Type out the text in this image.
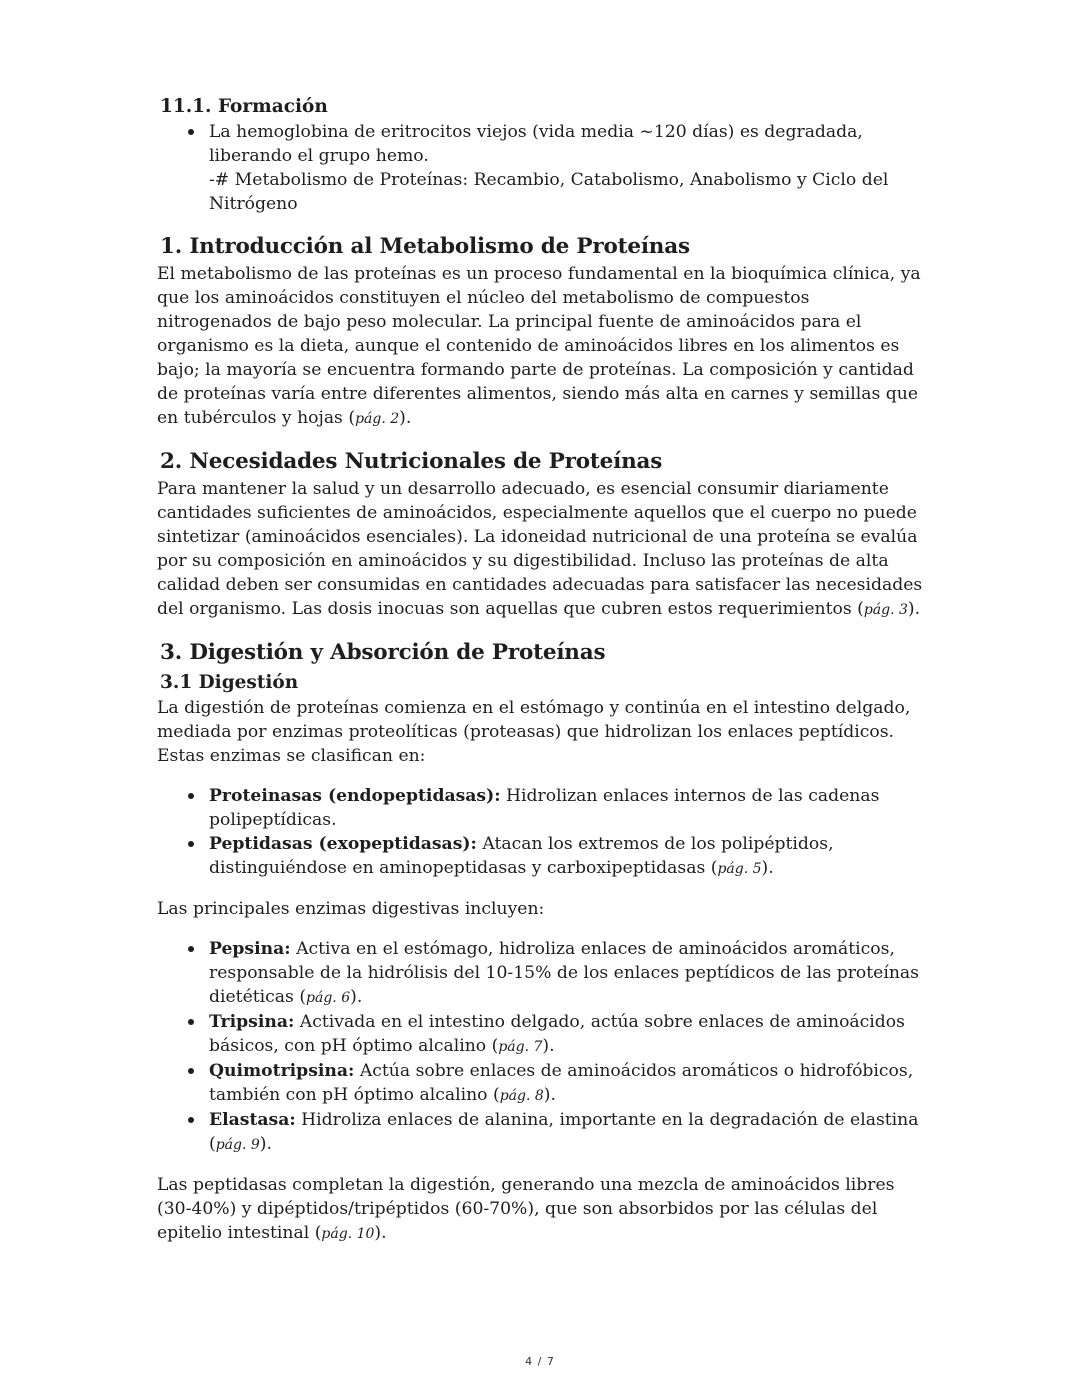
11.1. Formación
La hemoglobina de eritrocitos viejos (vida media ~120 días) es degradada, liberando el grupo hemo.
-# Metabolismo de Proteínas: Recambio, Catabolismo, Anabolismo y Ciclo del Nitrógeno
1. Introducción al Metabolismo de Proteínas

El metabolismo de las proteínas es un proceso fundamental en la bioquímica clínica, ya que los aminoácidos constituyen el núcleo del metabolismo de compuestos nitrogenados de bajo peso molecular. La principal fuente de aminoácidos para el organismo es la dieta, aunque el contenido de aminoácidos libres en los alimentos es bajo; la mayoría se encuentra formando parte de proteínas. La composición y cantidad de proteínas varía entre diferentes alimentos, siendo más alta en carnes y semillas que en tubérculos y hojas (pág. 2).

2. Necesidades Nutricionales de Proteínas

Para mantener la salud y un desarrollo adecuado, es esencial consumir diariamente cantidades suficientes de aminoácidos, especialmente aquellos que el cuerpo no puede sintetizar (aminoácidos esenciales). La idoneidad nutricional de una proteína se evalúa por su composición en aminoácidos y su digestibilidad. Incluso las proteínas de alta calidad deben ser consumidas en cantidades adecuadas para satisfacer las necesidades del organismo. Las dosis inocuas son aquellas que cubren estos requerimientos (pág. 3).

3. Digestión y Absorción de Proteínas
3.1 Digestión

La digestión de proteínas comienza en el estómago y continúa en el intestino delgado, mediada por enzimas proteolíticas (proteasas) que hidrolizan los enlaces peptídicos. Estas enzimas se clasifican en:

Proteinasas (endopeptidasas): Hidrolizan enlaces internos de las cadenas polipeptídicas.
Peptidasas (exopeptidasas): Atacan los extremos de los polipéptidos, distinguiéndose en aminopeptidasas y carboxipeptidasas (pág. 5).

Las principales enzimas digestivas incluyen:

Pepsina: Activa en el estómago, hidroliza enlaces de aminoácidos aromáticos, responsable de la hidrólisis del 10-15% de los enlaces peptídicos de las proteínas dietéticas (pág. 6).
Tripsina: Activada en el intestino delgado, actúa sobre enlaces de aminoácidos básicos, con pH óptimo alcalino (pág. 7).
Quimotripsina: Actúa sobre enlaces de aminoácidos aromáticos o hidrofóbicos, también con pH óptimo alcalino (pág. 8).
Elastasa: Hidroliza enlaces de alanina, importante en la degradación de elastina (pág. 9).

Las peptidasas completan la digestión, generando una mezcla de aminoácidos libres (30-40%) y dipéptidos/tripéptidos (60-70%), que son absorbidos por las células del epitelio intestinal (pág. 10).

4 / 7
